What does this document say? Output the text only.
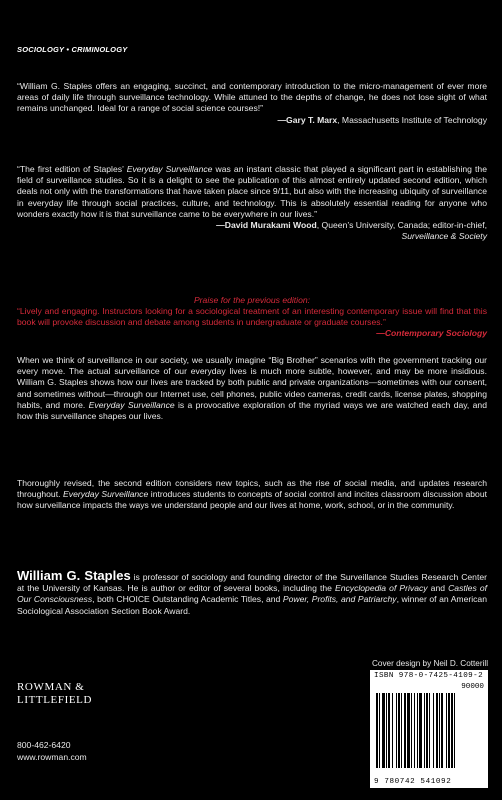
SOCIOLOGY • CRIMINOLOGY
“William G. Staples offers an engaging, succinct, and contemporary introduction to the micro-management of ever more areas of daily life through surveillance technology. While attuned to the depths of change, he does not lose sight of what remains unchanged. Ideal for a range of social science courses!”
—Gary T. Marx, Massachusetts Institute of Technology
“The first edition of Staples’ Everyday Surveillance was an instant classic that played a significant part in establishing the field of surveillance studies. So it is a delight to see the publication of this almost entirely updated second edition, which deals not only with the transformations that have taken place since 9/11, but also with the increasing ubiquity of surveillance in everyday life through social practices, culture, and technology. This is absolutely essential reading for anyone who wonders exactly how it is that surveillance came to be everywhere in our lives.”
—David Murakami Wood, Queen’s University, Canada; editor-in-chief,
Surveillance & Society
Praise for the previous edition:
“Lively and engaging. Instructors looking for a sociological treatment of an interesting contemporary issue will find that this book will provoke discussion and debate among students in undergraduate or graduate courses.”
—Contemporary Sociology
When we think of surveillance in our society, we usually imagine “Big Brother” scenarios with the government tracking our every move. The actual surveillance of our everyday lives is much more subtle, however, and may be more insidious. William G. Staples shows how our lives are tracked by both public and private organizations—sometimes with our consent, and sometimes without—through our Internet use, cell phones, public video cameras, credit cards, license plates, shopping habits, and more. Everyday Surveillance is a provocative exploration of the myriad ways we are watched each day, and how this surveillance shapes our lives.
Thoroughly revised, the second edition considers new topics, such as the rise of social media, and updates research throughout. Everyday Surveillance introduces students to concepts of social control and incites classroom discussion about how surveillance impacts the ways we understand people and our lives at home, work, school, or in the community.
William G. Staples is professor of sociology and founding director of the Surveillance Studies Research Center at the University of Kansas. He is author or editor of several books, including the Encyclopedia of Privacy and Castles of Our Consciousness, both CHOICE Outstanding Academic Titles, and Power, Profits, and Patriarchy, winner of an American Sociological Association Section Book Award.
ROWMAN &
LITTLEFIELD
800-462-6420
www.rowman.com
Cover design by Neil D. Cotterill
ISBN 978-0-7425-4109-2
90000
9 780742 541092
